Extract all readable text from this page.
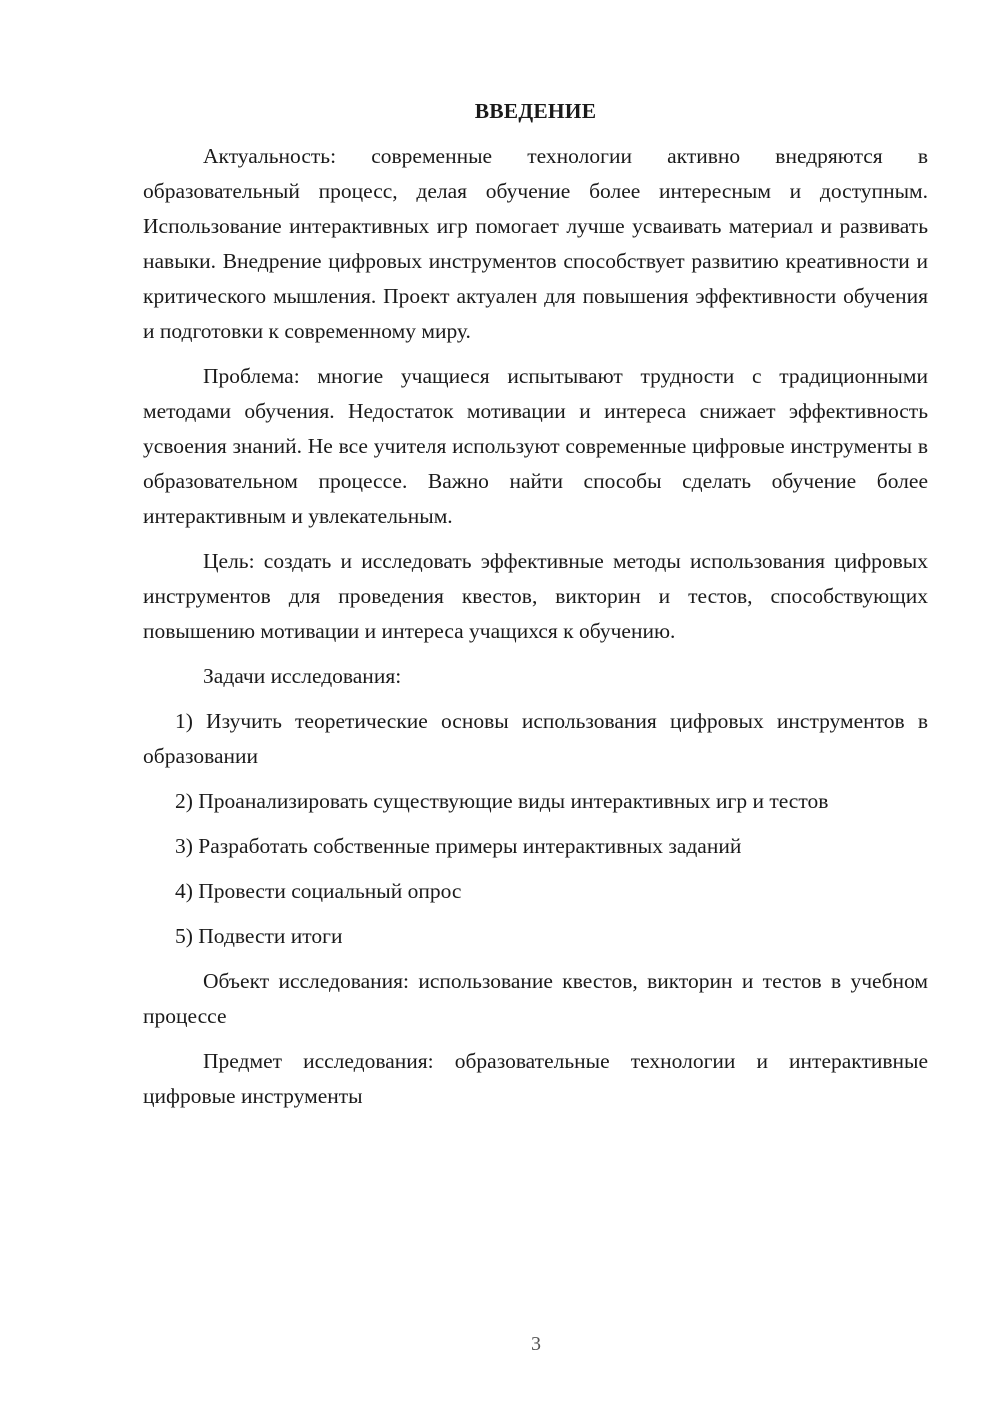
ВВЕДЕНИЕ

Актуальность: современные технологии активно внедряются в образовательный процесс, делая обучение более интересным и доступным. Использование интерактивных игр помогает лучше усваивать материал и развивать навыки. Внедрение цифровых инструментов способствует развитию креативности и критического мышления. Проект актуален для повышения эффективности обучения и подготовки к современному миру.

Проблема: многие учащиеся испытывают трудности с традиционными методами обучения. Недостаток мотивации и интереса снижает эффективность усвоения знаний. Не все учителя используют современные цифровые инструменты в образовательном процессе. Важно найти способы сделать обучение более интерактивным и увлекательным.

Цель: создать и исследовать эффективные методы использования цифровых инструментов для проведения квестов, викторин и тестов, способствующих повышению мотивации и интереса учащихся к обучению.

Задачи исследования:

1) Изучить теоретические основы использования цифровых инструментов в образовании
2) Проанализировать существующие виды интерактивных игр и тестов
3) Разработать собственные примеры интерактивных заданий
4) Провести социальный опрос
5) Подвести итоги

Объект исследования: использование квестов, викторин и тестов в учебном процессе

Предмет исследования: образовательные технологии и интерактивные цифровые инструменты

3
